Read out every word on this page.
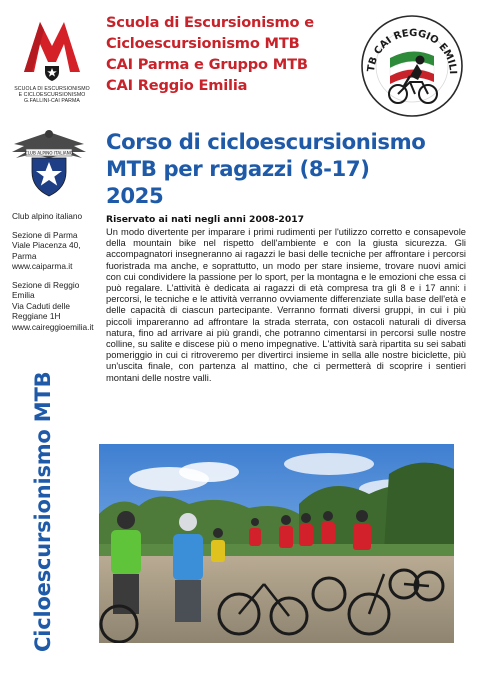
SCUOLA DI ESCURSIONISMO
E CICLOESCURSIONISMO
G.FALLINI-CAI PARMA
Scuola di Escursionismo e
Cicloescursionismo MTB
CAI Parma e Gruppo MTB
CAI Reggio Emilia
TB CAI REGGIO EMILI
CLUB ALPINO ITALIANO
Club alpino italiano
Sezione di Parma
Viale Piacenza 40,
Parma
www.caiparma.it
Sezione di Reggio
Emilia
Via Caduti delle
Reggiane 1H
www.caireggioemilia.it
Cicloescursionismo MTB
Corso di cicloescursionismo
MTB per ragazzi (8-17)
2025
Riservato ai nati negli anni 2008-2017

Un modo divertente per imparare i primi rudimenti per l'utilizzo corretto e consapevole della mountain bike nel rispetto dell'ambiente e con la giusta sicurezza. Gli accompagnatori insegneranno ai ragazzi le basi delle tecniche per affrontare i percorsi fuoristrada ma anche, e soprattutto, un modo per stare insieme, trovare nuovi amici con cui condividere la passione per lo sport, per la montagna e le emozioni che essa ci può regalare. L'attività è dedicata ai ragazzi di età compresa tra gli 8 e i 17 anni: i percorsi, le tecniche e le attività verranno ovviamente differenziate sulla base dell'età e delle capacità di ciascun partecipante. Verranno formati diversi gruppi, in cui i più piccoli impareranno ad affrontare la strada sterrata, con ostacoli naturali di diversa natura, fino ad arrivare ai più grandi, che potranno cimentarsi in percorsi sulle nostre colline, su salite e discese più o meno impegnative. L'attività sarà ripartita su sei sabati pomeriggio in cui ci ritroveremo per divertirci insieme in sella alle nostre biciclette, più un'uscita finale, con partenza al mattino, che ci permetterà di scoprire i sentieri montani delle nostre valli.
